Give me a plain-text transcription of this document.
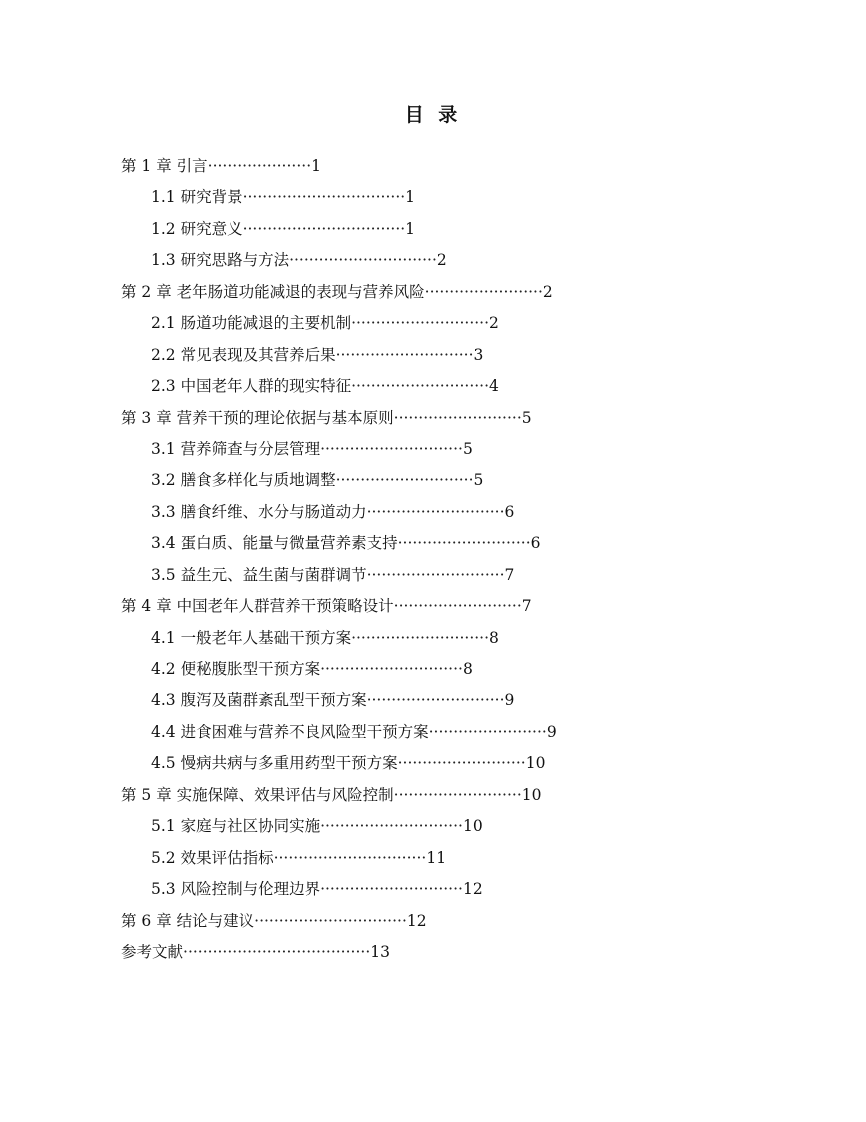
目 录
第 1 章 引言 ····················· 1
1.1 研究背景 ································· 1
1.2 研究意义 ································· 1
1.3 研究思路与方法 ······························ 2
第 2 章 老年肠道功能减退的表现与营养风险 ························ 2
2.1 肠道功能减退的主要机制 ···························· 2
2.2 常见表现及其营养后果 ···························· 3
2.3 中国老年人群的现实特征 ···························· 4
第 3 章 营养干预的理论依据与基本原则 ·························· 5
3.1 营养筛查与分层管理 ····························· 5
3.2 膳食多样化与质地调整 ···························· 5
3.3 膳食纤维、水分与肠道动力 ···························· 6
3.4 蛋白质、能量与微量营养素支持 ··························· 6
3.5 益生元、益生菌与菌群调节 ···························· 7
第 4 章 中国老年人群营养干预策略设计 ·························· 7
4.1 一般老年人基础干预方案 ···························· 8
4.2 便秘腹胀型干预方案 ····························· 8
4.3 腹泻及菌群紊乱型干预方案 ···························· 9
4.4 进食困难与营养不良风险型干预方案 ························ 9
4.5 慢病共病与多重用药型干预方案 ·························· 10
第 5 章 实施保障、效果评估与风险控制 ·························· 10
5.1 家庭与社区协同实施 ····························· 10
5.2 效果评估指标 ······························· 11
5.3 风险控制与伦理边界 ····························· 12
第 6 章 结论与建议 ······························· 12
参考文献 ······································ 13
